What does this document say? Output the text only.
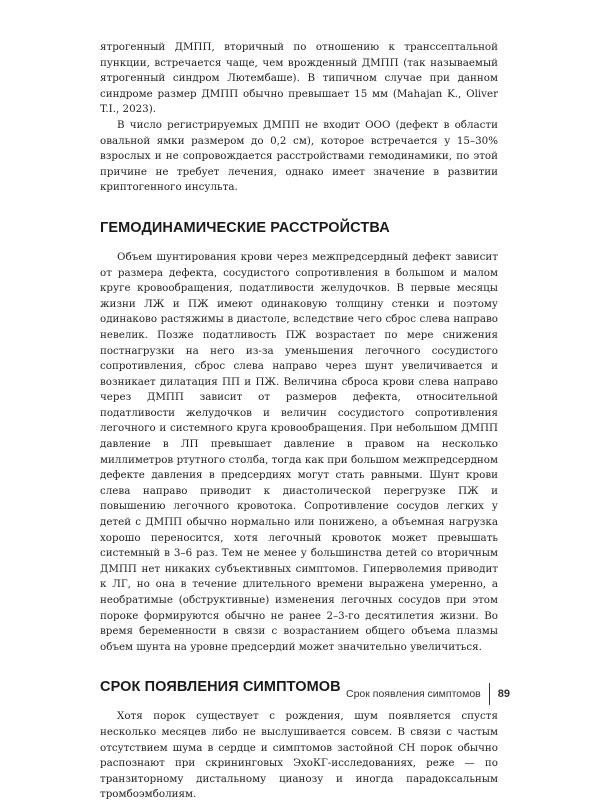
ятрогенный ДМПП, вторичный по отношению к транссептальной пункции, встречается чаще, чем врожденный ДМПП (так называемый ятрогенный синдром Лютембаше). В типичном случае при данном синдроме размер ДМПП обычно превышает 15 мм (Mahajan K., Oliver T.I., 2023).

В число регистрируемых ДМПП не входит ООО (дефект в области овальной ямки размером до 0,2 см), которое встречается у 15–30% взрослых и не сопровождается расстройствами гемодинамики, по этой причине не требует лечения, однако имеет значение в развитии криптогенного инсульта.

ГЕМОДИНАМИЧЕСКИЕ РАССТРОЙСТВА

Объем шунтирования крови через межпредсердный дефект зависит от размера дефекта, сосудистого сопротивления в большом и малом круге кровообращения, податливости желудочков. В первые месяцы жизни ЛЖ и ПЖ имеют одинаковую толщину стенки и поэтому одинаково растяжимы в диастоле, вследствие чего сброс слева направо невелик. Позже податливость ПЖ возрастает по мере снижения постнагрузки на него из-за уменьшения легочного сосудистого сопротивления, сброс слева направо через шунт увеличивается и возникает дилатация ПП и ПЖ. Величина сброса крови слева направо через ДМПП зависит от размеров дефекта, относительной податливости желудочков и величин сосудистого сопротивления легочного и системного круга кровообращения. При небольшом ДМПП давление в ЛП превышает давление в правом на несколько миллиметров ртутного столба, тогда как при большом межпредсердном дефекте давления в предсердиях могут стать равными. Шунт крови слева направо приводит к диастолической перегрузке ПЖ и повышению легочного кровотока. Сопротивление сосудов легких у детей с ДМПП обычно нормально или понижено, а объемная нагрузка хорошо переносится, хотя легочный кровоток может превышать системный в 3–6 раз. Тем не менее у большинства детей со вторичным ДМПП нет никаких субъективных симптомов. Гиперволемия приводит к ЛГ, но она в течение длительного времени выражена умеренно, а необратимые (обструктивные) изменения легочных сосудов при этом пороке формируются обычно не ранее 2–3-го десятилетия жизни. Во время беременности в связи с возрастанием общего объема плазмы объем шунта на уровне предсердий может значительно увеличиться.

СРОК ПОЯВЛЕНИЯ СИМПТОМОВ

Хотя порок существует с рождения, шум появляется спустя несколько месяцев либо не выслушивается совсем. В связи с частым отсутствием шума в сердце и симптомов застойной СН порок обычно распознают при скрининговых ЭхоКГ-исследованиях, реже — по транзиторному дистальному цианозу и иногда парадоксальным тромбоэмболиям.

Срок появления симптомов 89
